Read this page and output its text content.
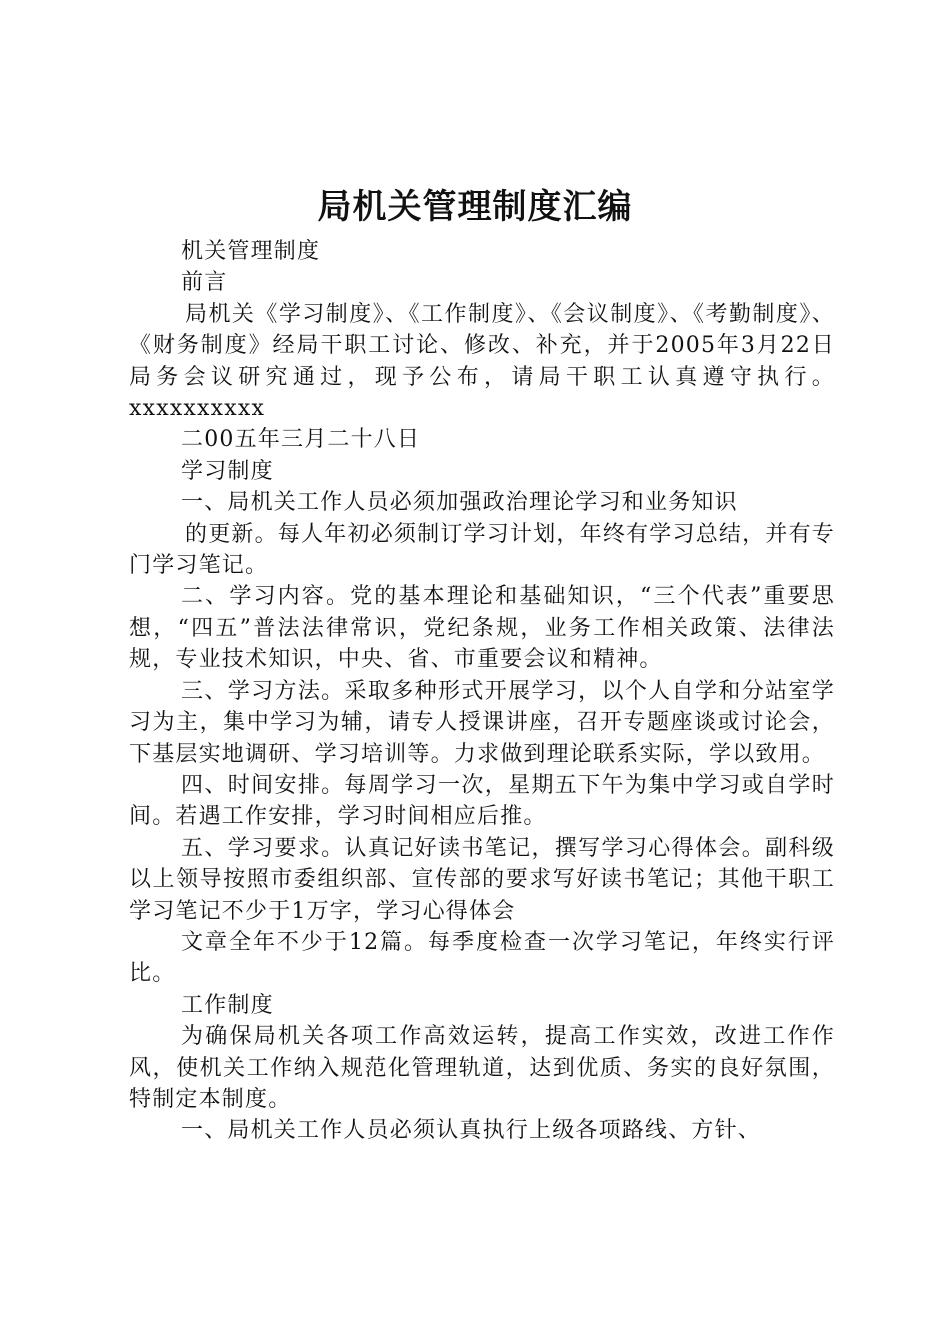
局机关管理制度汇编

机关管理制度

前言

局机关《学习制度》、《工作制度》、《会议制度》、《考勤制度》、《财务制度》经局干职工讨论、修改、补充，并于2005年3月22日局务会议研究通过，现予公布，请局干职工认真遵守执行。xxxxxxxxxx

二00五年三月二十八日

学习制度

一、局机关工作人员必须加强政治理论学习和业务知识

的更新。每人年初必须制订学习计划，年终有学习总结，并有专门学习笔记。

二、学习内容。党的基本理论和基础知识，“三个代表”重要思想，“四五”普法法律常识，党纪条规，业务工作相关政策、法律法规，专业技术知识，中央、省、市重要会议和精神。

三、学习方法。采取多种形式开展学习，以个人自学和分站室学习为主，集中学习为辅，请专人授课讲座，召开专题座谈或讨论会，下基层实地调研、学习培训等。力求做到理论联系实际，学以致用。

四、时间安排。每周学习一次，星期五下午为集中学习或自学时间。若遇工作安排，学习时间相应后推。

五、学习要求。认真记好读书笔记，撰写学习心得体会。副科级以上领导按照市委组织部、宣传部的要求写好读书笔记；其他干职工学习笔记不少于1万字，学习心得体会

文章全年不少于12篇。每季度检查一次学习笔记，年终实行评比。

工作制度

为确保局机关各项工作高效运转，提高工作实效，改进工作作风，使机关工作纳入规范化管理轨道，达到优质、务实的良好氛围，特制定本制度。

一、局机关工作人员必须认真执行上级各项路线、方针、
